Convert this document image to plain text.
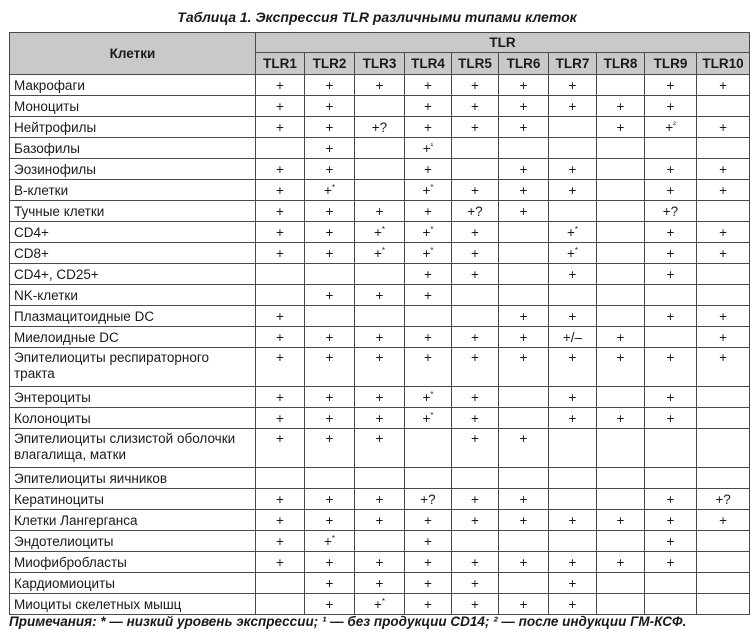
Таблица 1. Экспрессия TLR различными типами клеток
Клетки	TLR									
	TLR1	TLR2	TLR3	TLR4	TLR5	TLR6	TLR7	TLR8	TLR9	TLR10
Макрофаги	+	+	+	+	+	+	+		+	+
Моноциты	+	+		+	+	+	+	+	+	
Нейтрофилы	+	+	+?	+	+	+		+	+$^{^2}$	+
Базофилы		+		+$^{^1}$						
Эозинофилы	+	+		+		+	+		+	+
В-клетки	+	+*		+*	+	+	+		+	+
Тучные клетки	+	+	+	+	+?	+			+?	
CD4+	+	+	+*	+*	+		+*		+	+
CD8+	+	+	+*	+*	+		+*		+	+
CD4+, CD25+				+	+		+		+	
NK-клетки		+	+	+						
Плазмацитоидные DC	+					+	+		+	+
Миелоидные DC	+	+	+	+	+	+	+/–	+		+
Эпителиоциты респираторного тракта	+	+	+	+	+	+	+	+	+	+
Энтероциты	+	+	+	+*	+		+		+	
Колоноциты	+	+	+	+*	+		+	+	+	
Эпителиоциты слизистой оболочки влагалища, матки	+	+	+		+	+				
Эпителиоциты яичников										
Кератиноциты	+	+	+	+?	+	+			+	+?
Клетки Лангерганса	+	+	+	+	+	+	+	+	+	+
Эндотелиоциты	+	+*		+					+	
Миофибробласты	+	+	+	+	+	+	+	+	+	
Кардиомиоциты		+	+	+	+		+			
Миоциты скелетных мышц		+	+*	+	+	+	+			
Примечания: * — низкий уровень экспрессии; ¹ — без продукции CD14; ² — после индукции ГМ-КСФ.
